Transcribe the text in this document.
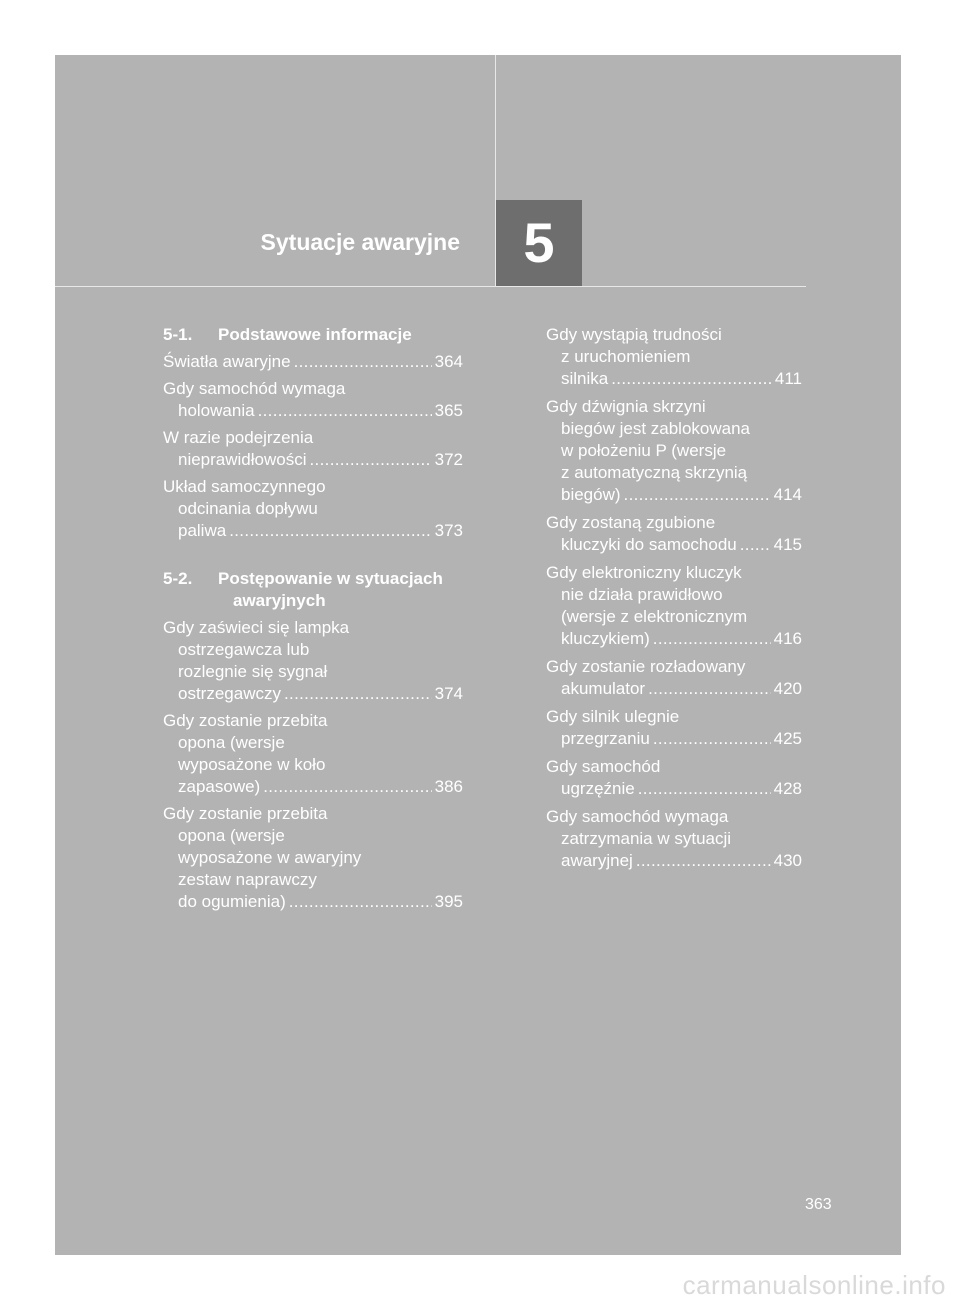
5
Sytuacje awaryjne
5-1. Podstawowe informacje
Światła awaryjne . . .	364
Gdy samochód wymaga
holowania . . .	365
W razie podejrzenia
nieprawidłowości . . .	372
Układ samoczynnego
odcinania dopływu
paliwa . . .	373
5-2. Postępowanie w sytuacjach
awaryjnych
Gdy zaświeci się lampka
ostrzegawcza lub
rozlegnie się sygnał
ostrzegawczy . . .	374
Gdy zostanie przebita
opona (wersje
wyposażone w koło
zapasowe) . . .	386
Gdy zostanie przebita
opona (wersje
wyposażone w awaryjny
zestaw naprawczy
do ogumienia) . . .	395
Gdy wystąpią trudności
z uruchomieniem
silnika . . .	411
Gdy dźwignia skrzyni
biegów jest zablokowana
w położeniu P (wersje
z automatyczną skrzynią
biegów) . . .	414
Gdy zostaną zgubione
kluczyki do samochodu . . . 415
Gdy elektroniczny kluczyk
nie działa prawidłowo
(wersje z elektronicznym
kluczykiem) . . .	416
Gdy zostanie rozładowany
akumulator . . .	420
Gdy silnik ulegnie
przegrzaniu . . .	425
Gdy samochód
ugrzęźnie . . .	428
Gdy samochód wymaga
zatrzymania w sytuacji
awaryjnej . . .	430
363
carmanualsonline.info
